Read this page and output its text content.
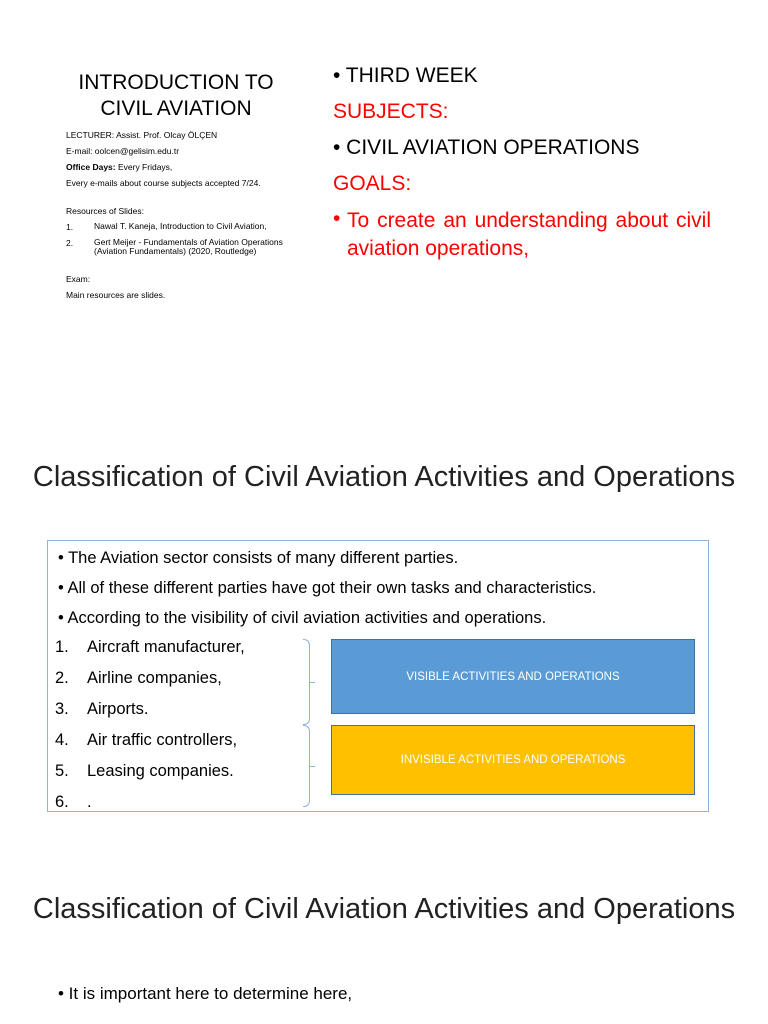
INTRODUCTION TO
CIVIL AVIATION
LECTURER: Assist. Prof. Olcay ÖLÇEN
E-mail: oolcen@gelisim.edu.tr
Office Days: Every Fridays,
Every e-mails about course subjects accepted 7/24.
Resources of Slides:
1.	Nawal T. Kaneja, Introduction to Civil Aviation,
2.	Gert Meijer - Fundamentals of Aviation Operations (Aviation Fundamentals) (2020, Routledge)
Exam:
Main resources are slides.
• THIRD WEEK
SUBJECTS:
• CIVIL AVIATION OPERATIONS
GOALS:
• To create an understanding about civil aviation operations,
Classification of Civil Aviation Activities and Operations
• The Aviation sector consists of many different parties.
• All of these different parties have got their own tasks and characteristics.
• According to the visibility of civil aviation activities and operations.
1.	Aircraft manufacturer,
2.	Airline companies,
3.	Airports.
4.	Air traffic controllers,
5.	Leasing companies.
6.	.
VISIBLE ACTIVITIES AND OPERATIONS
INVISIBLE ACTIVITIES AND OPERATIONS
Classification of Civil Aviation Activities and Operations
• It is important here to determine here,
